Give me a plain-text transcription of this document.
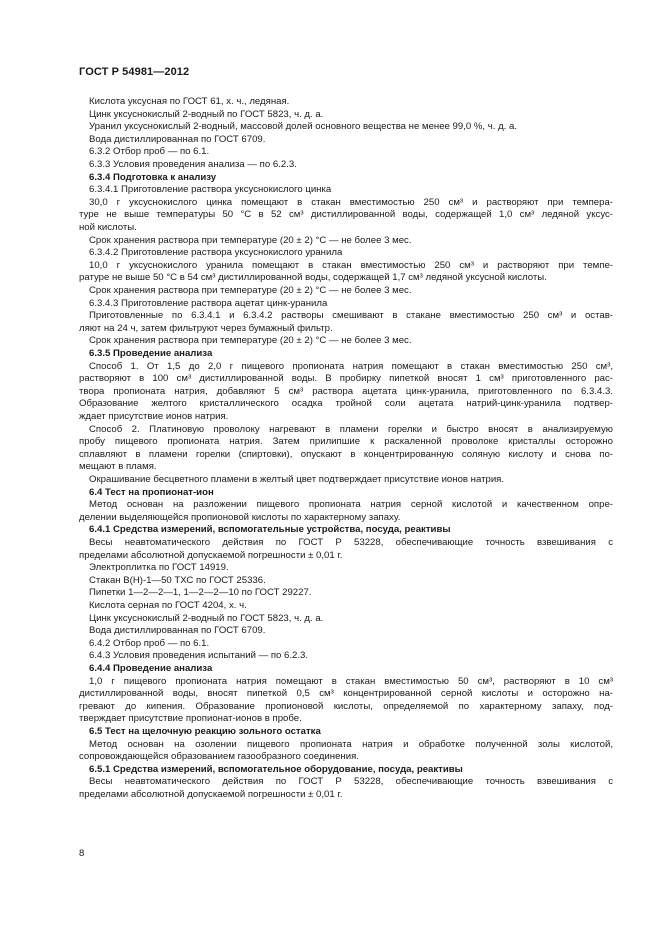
ГОСТ Р 54981—2012
Кислота уксусная по ГОСТ 61, х. ч., ледяная.
Цинк уксуснокислый 2-водный по ГОСТ 5823, ч. д. а.
Уранил уксуснокислый 2-водный, массовой долей основного вещества не менее 99,0 %, ч. д. а.
Вода дистиллированная по ГОСТ 6709.
6.3.2 Отбор проб — по 6.1.
6.3.3 Условия проведения анализа — по 6.2.3.
6.3.4 Подготовка к анализу
6.3.4.1 Приготовление раствора уксуснокислого цинка
30,0 г уксуснокислого цинка помещают в стакан вместимостью 250 см³ и растворяют при темпера-
туре не выше температуры 50 °С в 52 см³ дистиллированной воды, содержащей 1,0 см³ ледяной уксус-
ной кислоты.
Срок хранения раствора при температуре (20 ± 2) °С — не более 3 мес.
6.3.4.2 Приготовление раствора уксуснокислого уранила
10,0 г уксуснокислого уранила помещают в стакан вместимостью 250 см³ и растворяют при темпе-
ратуре не выше 50 °С в 54 см³ дистиллированной воды, содержащей 1,7 см³ ледяной уксусной кислоты.
Срок хранения раствора при температуре (20 ± 2) °С — не более 3 мес.
6.3.4.3 Приготовление раствора ацетат цинк-уранила
Приготовленные по 6.3.4.1 и 6.3.4.2 растворы смешивают в стакане вместимостью 250 см³ и остав-
ляют на 24 ч, затем фильтруют через бумажный фильтр.
Срок хранения раствора при температуре (20 ± 2) °С — не более 3 мес.
6.3.5 Проведение анализа
Способ 1. От 1,5 до 2,0 г пищевого пропионата натрия помещают в стакан вместимостью 250 см³,
растворяют в 100 см³ дистиллированной воды. В пробирку пипеткой вносят 1 см³ приготовленного рас-
твора пропионата натрия, добавляют 5 см³ раствора ацетата цинк-уранила, приготовленного по 6.3.4.3.
Образование желтого кристаллического осадка тройной соли ацетата натрий-цинк-уранила подтвер-
ждает присутствие ионов натрия.
Способ 2. Платиновую проволоку нагревают в пламени горелки и быстро вносят в анализируемую
пробу пищевого пропионата натрия. Затем прилипшие к раскаленной проволоке кристаллы осторожно
сплавляют в пламени горелки (спиртовки), опускают в концентрированную соляную кислоту и снова по-
мещают в пламя.
Окрашивание бесцветного пламени в желтый цвет подтверждает присутствие ионов натрия.
6.4 Тест на пропионат-ион
Метод основан на разложении пищевого пропионата натрия серной кислотой и качественном опре-
делении выделяющейся пропионовой кислоты по характерному запаху.
6.4.1 Средства измерений, вспомогательные устройства, посуда, реактивы
Весы неавтоматического действия по ГОСТ Р 53228, обеспечивающие точность взвешивания с
пределами абсолютной допускаемой погрешности ± 0,01 г.
Электроплитка по ГОСТ 14919.
Стакан В(Н)-1—50 ТХС по ГОСТ 25336.
Пипетки 1—2—2—1, 1—2—2—10 по ГОСТ 29227.
Кислота серная по ГОСТ 4204, х. ч.
Цинк уксуснокислый 2-водный по ГОСТ 5823, ч. д. а.
Вода дистиллированная по ГОСТ 6709.
6.4.2 Отбор проб — по 6.1.
6.4.3 Условия проведения испытаний — по 6.2.3.
6.4.4 Проведение анализа
1,0 г пищевого пропионата натрия помещают в стакан вместимостью 50 см³, растворяют в 10 см³
дистиллированной воды, вносят пипеткой 0,5 см³ концентрированной серной кислоты и осторожно на-
гревают до кипения. Образование пропионовой кислоты, определяемой по характерному запаху, под-
тверждает присутствие пропионат-ионов в пробе.
6.5 Тест на щелочную реакцию зольного остатка
Метод основан на озолении пищевого пропионата натрия и обработке полученной золы кислотой,
сопровождающейся образованием газообразного соединения.
6.5.1 Средства измерений, вспомогательное оборудование, посуда, реактивы
Весы неавтоматического действия по ГОСТ Р 53228, обеспечивающие точность взвешивания с
пределами абсолютной допускаемой погрешности ± 0,01 г.
8
